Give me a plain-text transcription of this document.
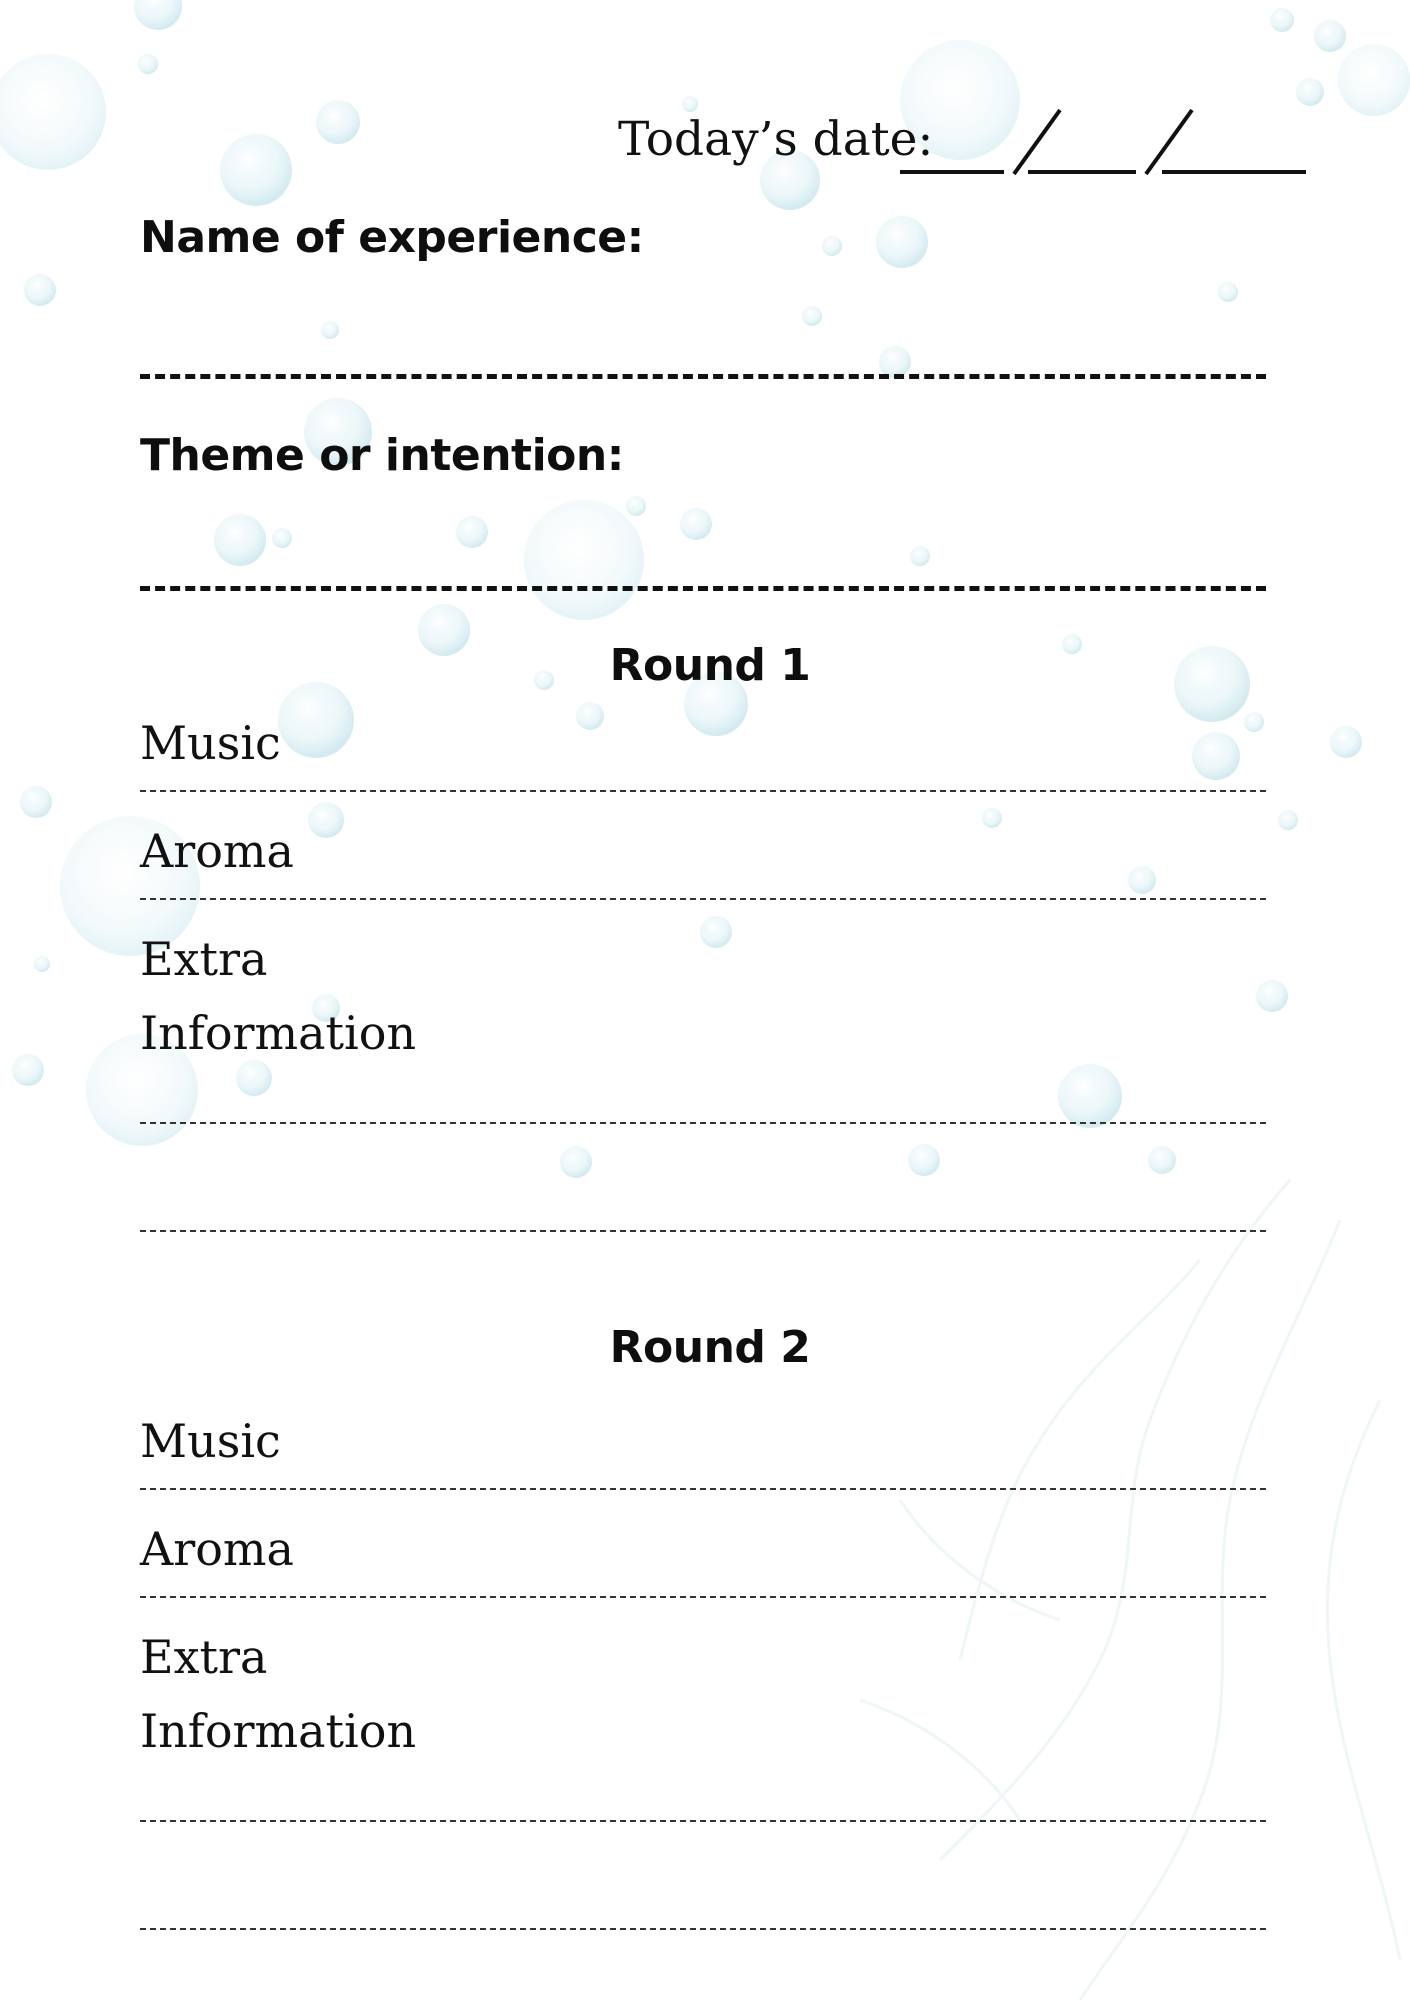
Today’s date:
Name of experience:
Theme or intention:
Round 1
Music
Aroma
Extra Information
Round 2
Music
Aroma
Extra Information
